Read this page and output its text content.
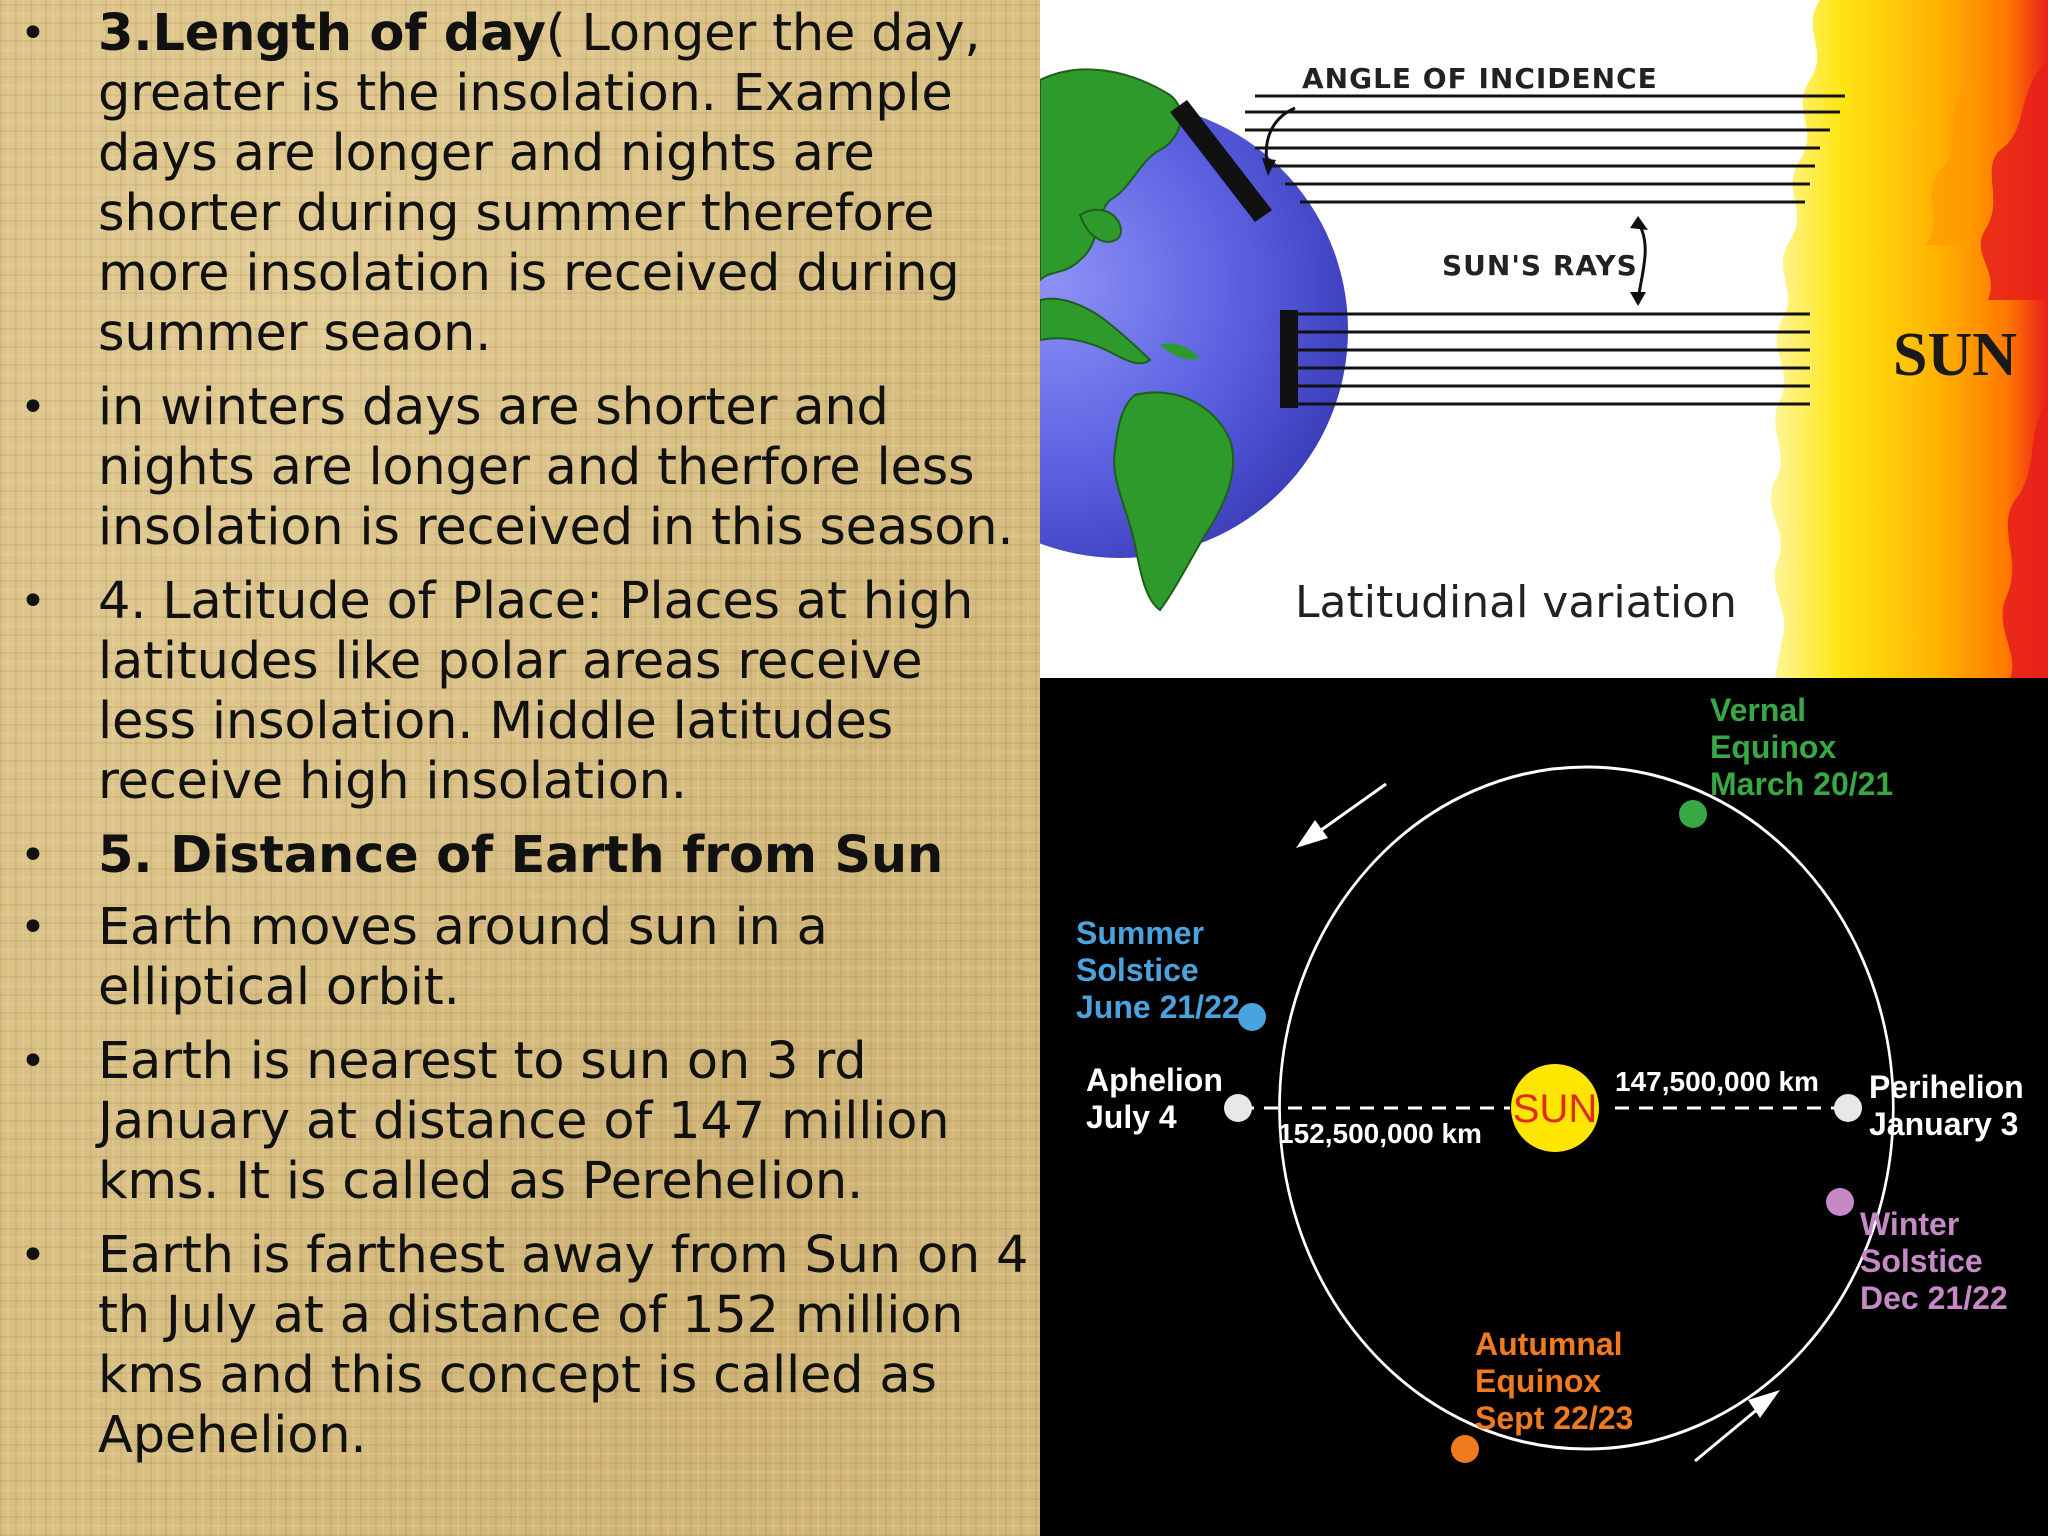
• 3.Length of day( Longer the day, greater is the insolation. Example days are longer and nights are shorter during summer therefore more insolation is received during summer seaon.
• in winters days are shorter and nights are longer and therfore less insolation is received in this season.
• 4. Latitude of Place: Places at high latitudes like polar areas receive less insolation. Middle latitudes receive high insolation.
• 5. Distance of Earth from Sun
• Earth moves around sun in a elliptical orbit.
• Earth is nearest to sun on 3 rd January at distance of 147 million kms. It is called as Perehelion.
• Earth is farthest away from Sun on 4 th July at a distance of 152 million kms and this concept is called as Apehelion.
SUN
ANGLE OF INCIDENCE
SUN'S RAYS
Latitudinal variation
SUN
Vernal
Equinox
March 20/21
Summer
Solstice
June 21/22
Aphelion
July 4
Perihelion
January 3
Winter
Solstice
Dec 21/22
Autumnal
Equinox
Sept 22/23
152,500,000 km
147,500,000 km
